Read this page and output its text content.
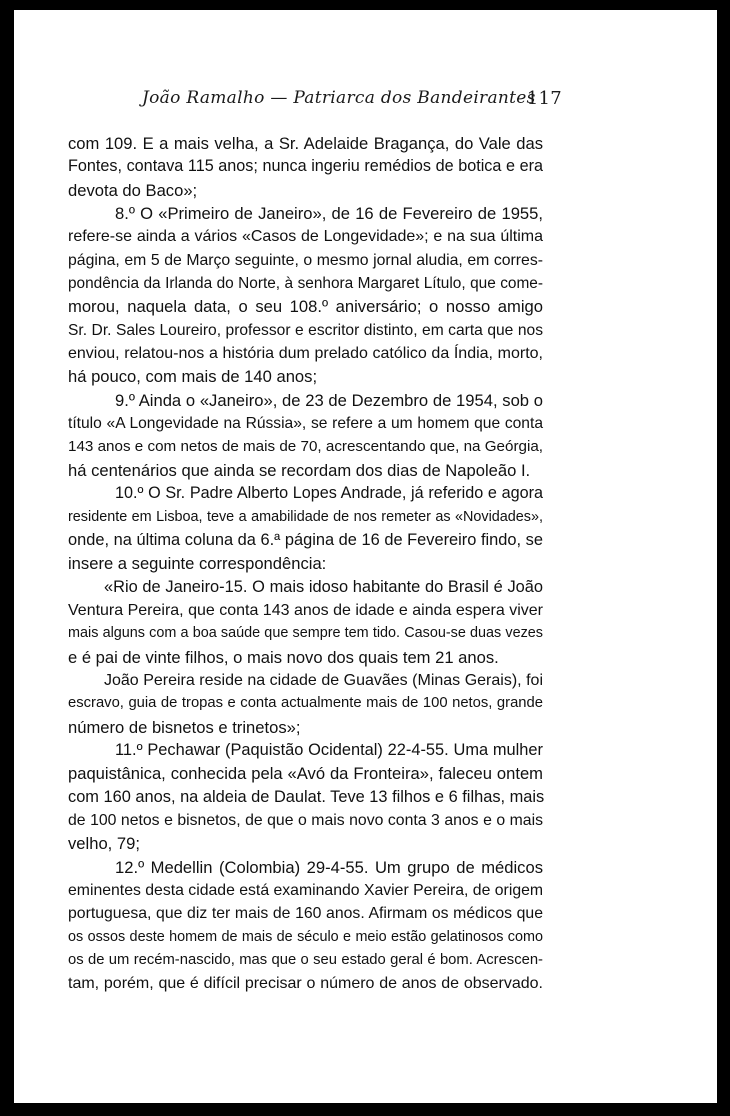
João Ramalho — Patriarca dos Bandeirantes
117
com 109. E a mais velha, a Sr. Adelaide Bragança, do Vale das
Fontes, contava 115 anos; nunca ingeriu remédios de botica e era
devota do Baco»;
8.º O «Primeiro de Janeiro», de 16 de Fevereiro de 1955,
refere-se ainda a vários «Casos de Longevidade»; e na sua última
página, em 5 de Março seguinte, o mesmo jornal aludia, em corres-
pondência da Irlanda do Norte, à senhora Margaret Lítulo, que come-
morou, naquela data, o seu 108.º aniversário; o nosso amigo
Sr. Dr. Sales Loureiro, professor e escritor distinto, em carta que nos
enviou, relatou-nos a história dum prelado católico da Índia, morto,
há pouco, com mais de 140 anos;
9.º Ainda o «Janeiro», de 23 de Dezembro de 1954, sob o
título «A Longevidade na Rússia», se refere a um homem que conta
143 anos e com netos de mais de 70, acrescentando que, na Geórgia,
há centenários que ainda se recordam dos dias de Napoleão I.
10.º O Sr. Padre Alberto Lopes Andrade, já referido e agora
residente em Lisboa, teve a amabilidade de nos remeter as «Novidades»,
onde, na última coluna da 6.ª página de 16 de Fevereiro findo, se
insere a seguinte correspondência:
«Rio de Janeiro-15. O mais idoso habitante do Brasil é João
Ventura Pereira, que conta 143 anos de idade e ainda espera viver
mais alguns com a boa saúde que sempre tem tido. Casou-se duas vezes
e é pai de vinte filhos, o mais novo dos quais tem 21 anos.
João Pereira reside na cidade de Guavães (Minas Gerais), foi
escravo, guia de tropas e conta actualmente mais de 100 netos, grande
número de bisnetos e trinetos»;
11.º Pechawar (Paquistão Ocidental) 22-4-55. Uma mulher
paquistânica, conhecida pela «Avó da Fronteira», faleceu ontem
com 160 anos, na aldeia de Daulat. Teve 13 filhos e 6 filhas, mais
de 100 netos e bisnetos, de que o mais novo conta 3 anos e o mais
velho, 79;
12.º Medellin (Colombia) 29-4-55. Um grupo de médicos
eminentes desta cidade está examinando Xavier Pereira, de origem
portuguesa, que diz ter mais de 160 anos. Afirmam os médicos que
os ossos deste homem de mais de século e meio estão gelatinosos como
os de um recém-nascido, mas que o seu estado geral é bom. Acrescen-
tam, porém, que é difícil precisar o número de anos de observado.
